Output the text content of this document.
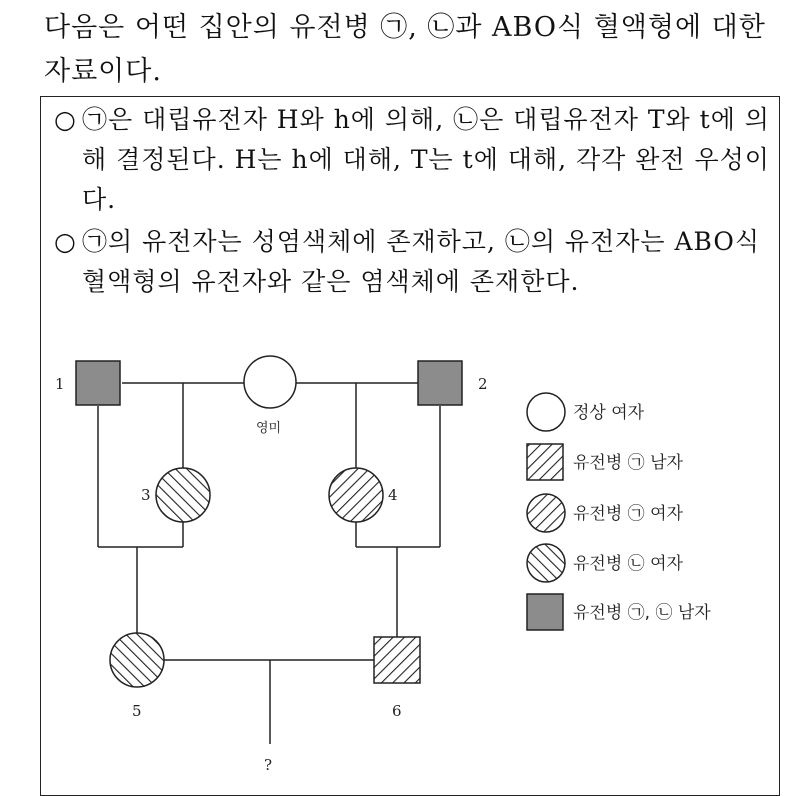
다음은 어떤 집안의 유전병 ㉠, ㉡과 ABO식 혈액형에 대한 자료이다.
○ ㉠은 대립유전자 H와 h에 의해, ㉡은 대립유전자 T와 t에 의해 결정된다. H는 h에 대해, T는 t에 대해, 각각 완전 우성이다.
○ ㉠의 유전자는 성염색체에 존재하고, ㉡의 유전자는 ABO식 혈액형의 유전자와 같은 염색체에 존재한다.
1	2
영미
3	4
5	6
?
정상 여자
유전병 ㉠ 남자
유전병 ㉠ 여자
유전병 ㉡ 여자
유전병 ㉠, ㉡ 남자
